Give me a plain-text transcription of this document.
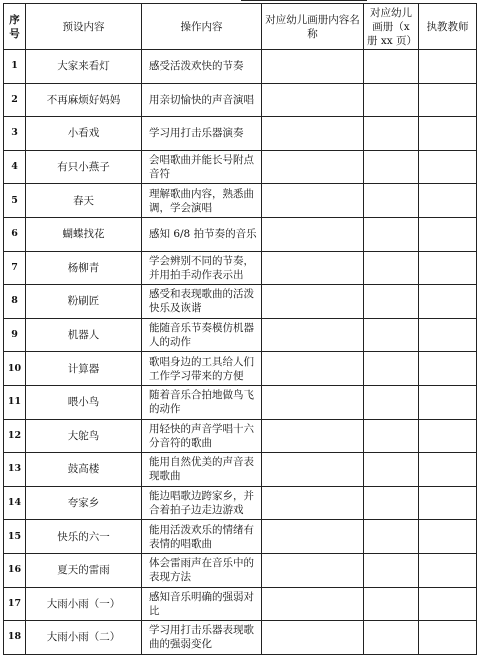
序号	预设内容	操作内容	对应幼儿画册内容名称	对应幼儿画册（x 册 xx 页）	执教教师
1	大家来看灯	感受活泼欢快的节奏			
2	不再麻烦好妈妈	用亲切愉快的声音演唱			
3	小看戏	学习用打击乐器演奏			
4	有只小燕子	会唱歌曲并能长号附点音符			
5	春天	理解歌曲内容，熟悉曲调，学会演唱			
6	蝴蝶找花	感知 6/8 拍节奏的音乐			
7	杨柳青	学会辨别不同的节奏，并用拍手动作表示出			
8	粉刷匠	感受和表现歌曲的活泼快乐及诙谐			
9	机器人	能随音乐节奏模仿机器人的动作			
10	计算器	歌唱身边的工具给人们工作学习带来的方便			
11	喂小鸟	随着音乐合拍地做鸟飞的动作			
12	大鸵鸟	用轻快的声音学唱十六分音符的歌曲			
13	鼓高楼	能用自然优美的声音表现歌曲			
14	夸家乡	能边唱歌边跨家乡，并合着拍子边走边游戏			
15	快乐的六一	能用活泼欢乐的情绪有表情的唱歌曲			
16	夏天的雷雨	体会雷雨声在音乐中的表现方法			
17	大雨小雨（一）	感知音乐明确的强弱对比			
18	大雨小雨（二）	学习用打击乐器表现歌曲的强弱变化			
